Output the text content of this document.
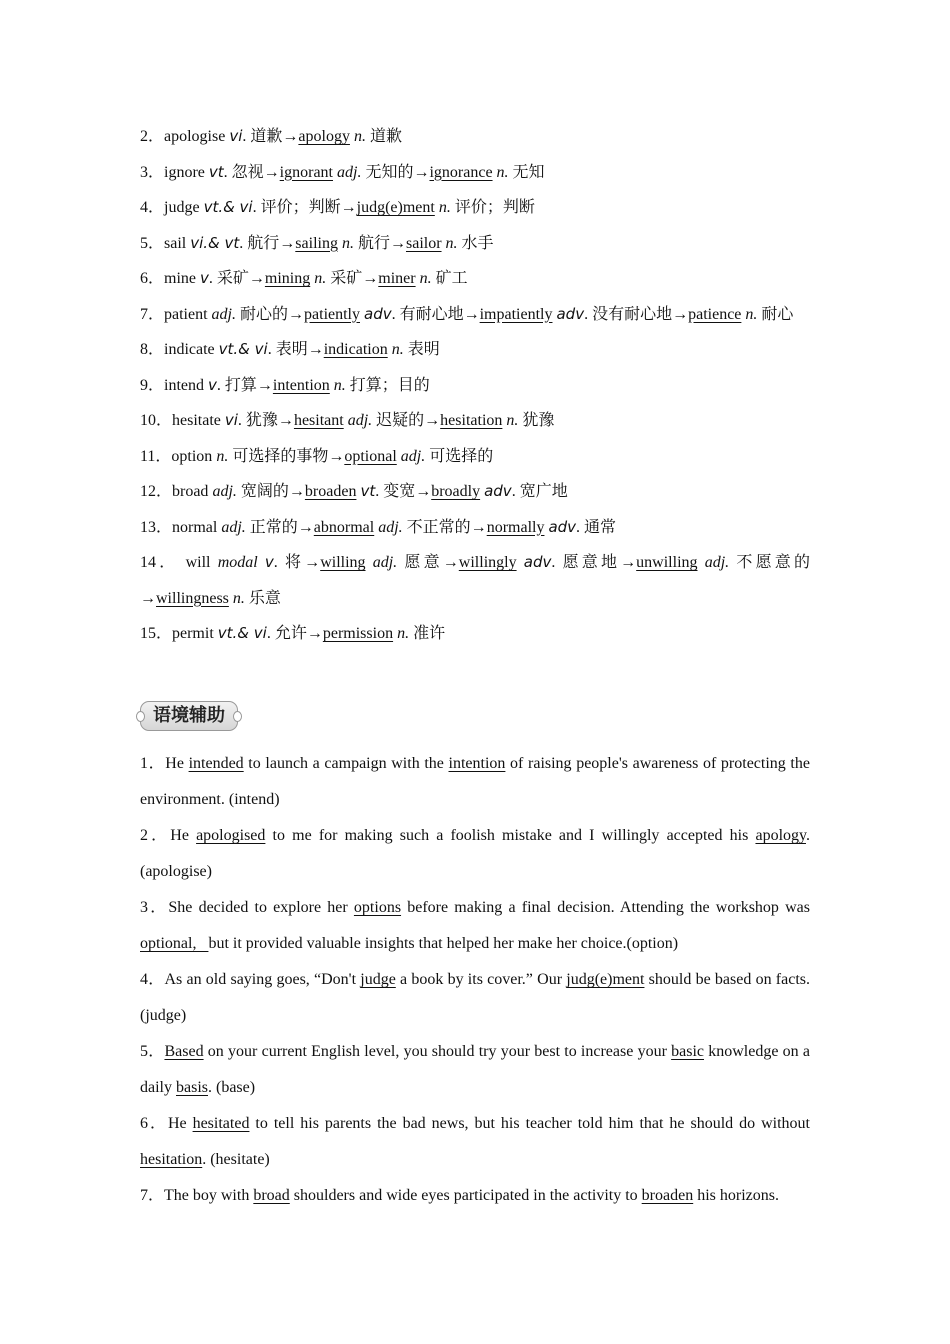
2．apologise vi. 道歉→apology n. 道歉

3．ignore vt. 忽视→ignorant adj. 无知的→ignorance n. 无知

4．judge vt.& vi. 评价；判断→judg(e)ment n. 评价；判断

5．sail vi.& vt. 航行→sailing n. 航行→sailor n. 水手

6．mine v. 采矿→mining n. 采矿→miner n. 矿工

7．patient adj. 耐心的→patiently adv. 有耐心地→impatiently adv. 没有耐心地→patience n. 耐心

8．indicate vt.& vi. 表明→indication n. 表明

9．intend v. 打算→intention n. 打算；目的

10．hesitate vi. 犹豫→hesitant adj. 迟疑的→hesitation n. 犹豫

11．option n. 可选择的事物→optional adj. 可选择的

12．broad adj. 宽阔的→broaden vt. 变宽→broadly adv. 宽广地

13．normal adj. 正常的→abnormal adj. 不正常的→normally adv. 通常

14． will modal v. 将→willing adj. 愿意→willingly adv. 愿意地→unwilling adj. 不愿意的→willingness n. 乐意

15．permit vt.& vi. 允许→permission n. 准许

语境辅助

1．He intended to launch a campaign with the intention of raising people's awareness of protecting the environment. (intend)

2．He apologised to me for making such a foolish mistake and I willingly accepted his apology. (apologise)

3．She decided to explore her options before making a final decision. Attending the workshop was optional,   but it provided valuable insights that helped her make her choice.(option)

4．As an old saying goes, “Don't judge a book by its cover.” Our judg(e)ment should be based on facts. (judge)

5．Based on your current English level, you should try your best to increase your basic knowledge on a daily basis. (base)

6．He hesitated to tell his parents the bad news, but his teacher told him that he should do without hesitation. (hesitate)

7．The boy with broad shoulders and wide eyes participated in the activity to broaden his horizons.
